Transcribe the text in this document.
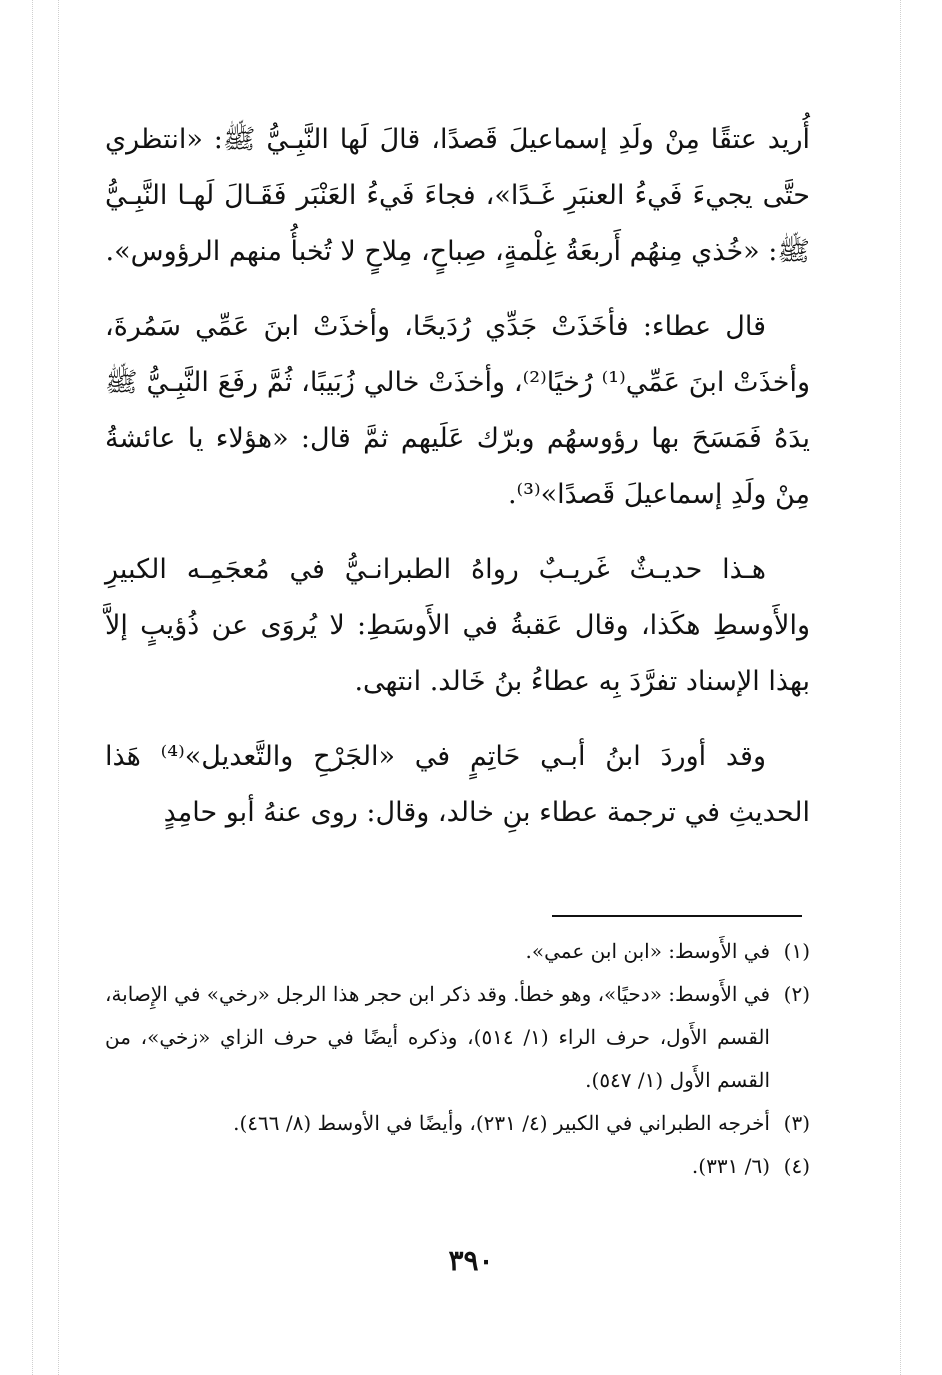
أُريد عتقًا مِنْ ولَدِ إسماعيلَ قَصدًا، قالَ لَها النَّبِـيُّ ﷺ: «انتظري حتَّى يجيءَ فَيءُ العنبَرِ غَـدًا»، فجاءَ فَيءُ العَنْبَر فَقَـالَ لَهـا النَّبِـيُّ ﷺ: «خُذي مِنهُم أَربعَةُ غِلْمةٍ، صِباحٍ، مِلاحٍ لا تُخبأُ منهم الرؤوس».

قال عطاء: فأخَذَتْ جَدِّي رُدَيحًا، وأخذَتْ ابنَ عَمِّي سَمُرةَ، وأخذَتْ ابنَ عَمِّي⁽¹⁾ رُخيًا⁽²⁾، وأخذَتْ خالي زُبَيبًا، ثُمَّ رفَعَ النَّبِـيُّ ﷺ يدَهُ فَمَسَحَ بها رؤوسهُم وبرّك عَلَيهم ثمَّ قال: «هؤلاء يا عائشةُ مِنْ ولَدِ إسماعيلَ قَصدًا»⁽³⁾.

هـذا حديـثٌ غَريـبٌ رواهُ الطبرانـيُّ في مُعجَمِـه الكبيرِ والأَوسطِ هكَذا، وقال عَقبةُ في الأَوسَطِ: لا يُروَى عن ذُؤيبٍ إلاَّ بهذا الإسناد تفرَّدَ بِه عطاءُ بنُ خَالد. انتهى.

وقد أوردَ ابنُ أبـي حَاتِمٍ في «الجَرْحِ والتَّعديل»⁽⁴⁾ هَذا الحديثِ في ترجمة عطاء بنِ خالد، وقال: روى عنهُ أبو حامِدٍ

(١)
في الأَوسط: «ابن ابن عمي».
(٢)
في الأَوسط: «دحيًا»، وهو خطأ. وقد ذكر ابن حجر هذا الرجل «رخي» في الإِصابة، القسم الأَول، حرف الراء (١/ ٥١٤)، وذكره أيضًا في حرف الزاي «زخي»، من القسم الأَول (١/ ٥٤٧).
(٣)
أخرجه الطبراني في الكبير (٤/ ٢٣١)، وأيضًا في الأوسط (٨/ ٤٦٦).
(٤)
(٦/ ٣٣١).
٣٩٠
